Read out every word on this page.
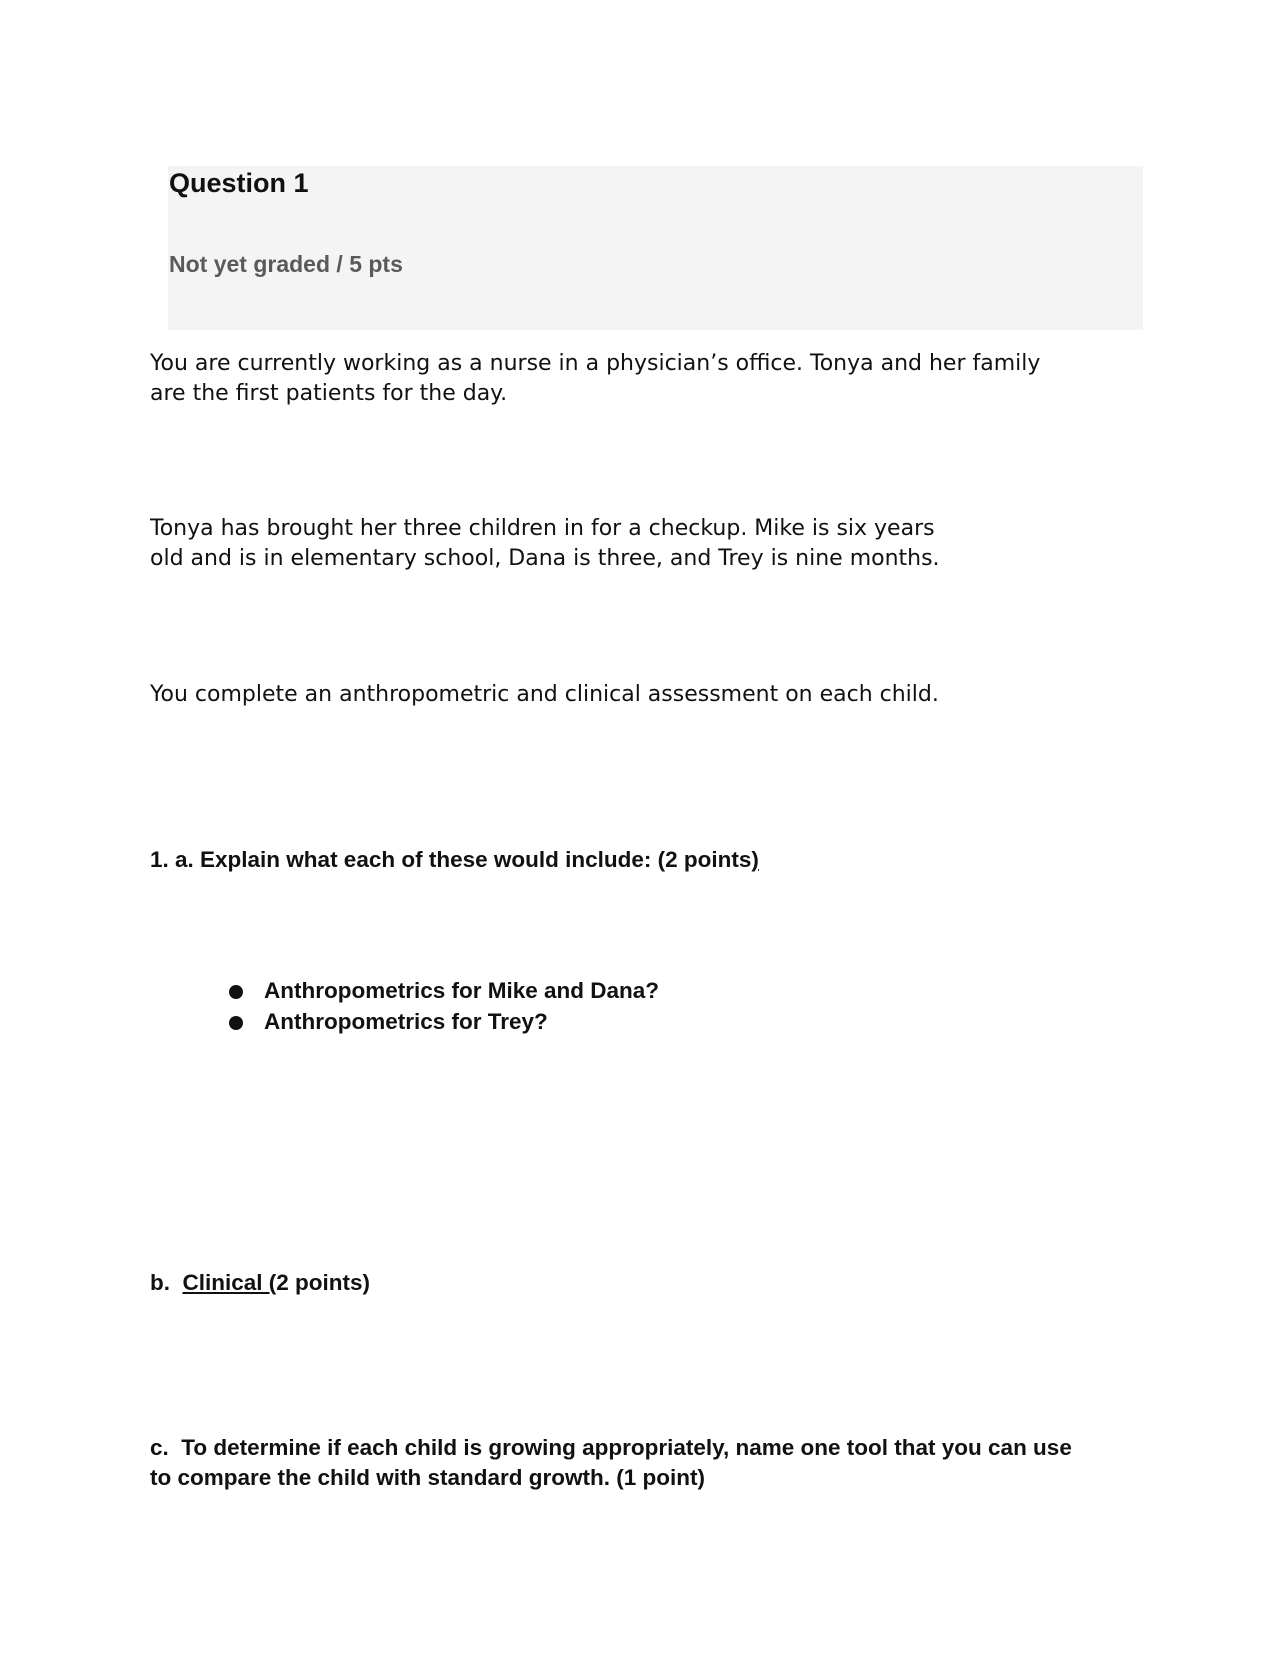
Question 1
Not yet graded / 5 pts

You are currently working as a nurse in a physician’s office. Tonya and her family
are the first patients for the day.

Tonya has brought her three children in for a checkup. Mike is six years
old and is in elementary school, Dana is three, and Trey is nine months.

You complete an anthropometric and clinical assessment on each child.

1. a. Explain what each of these would include: (2 points)

Anthropometrics for Mike and Dana?
Anthropometrics for Trey?

b.  Clinical (2 points)

c.  To determine if each child is growing appropriately, name one tool that you can use

to compare the child with standard growth. (1 point)
